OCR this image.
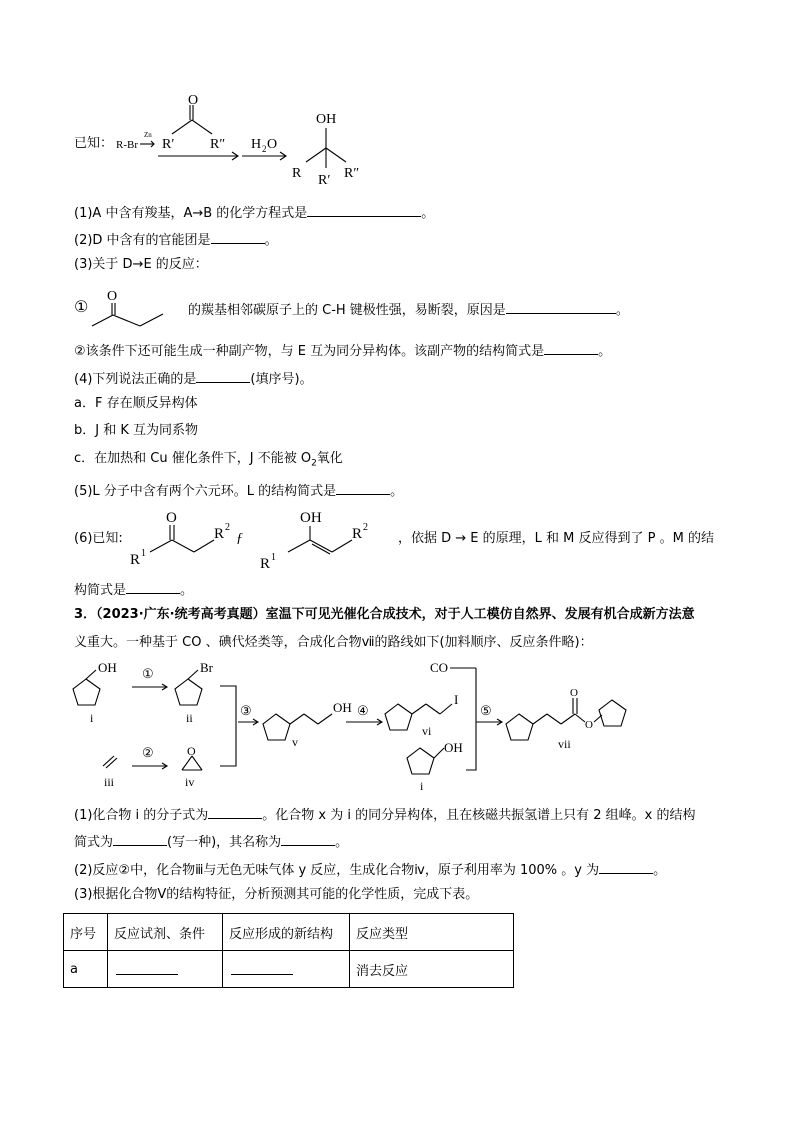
已知： R-Br
Zn
O
R′	R″ H 2 O
OH
R R′ R″
(1)A 中含有羧基，A→B 的化学方程式是	。
(2)D 中含有的官能团是	。
(3)关于 D→E 的反应：
①
O
的羰基相邻碳原子上的 C-H 键极性强，易断裂，原因是	。
②该条件下还可能生成一种副产物，与 E 互为同分异构体。该副产物的结构简式是	。
(4)下列说法正确的是	(填序号)。
a．F 存在顺反异构体
b．J 和 K 互为同系物
c．在加热和 Cu 催化条件下，J 不能被 $O_2$氧化
(5)L 分子中含有两个六元环。L 的结构简式是	。
(6)已知:
O
R 1
R 2
ƒ
OH
R 1
R 2
，依据 D → E 的原理，L 和 M 反应得到了 P 。M 的结
构简式是	。
3．（2023·广东·统考高考真题）室温下可见光催化合成技术，对于人工模仿自然界、发展有机合成新方法意
义重大。一种基于 CO 、碘代烃类等，合成化合物ⅶ的路线如下(加料顺序、反应条件略)：
OH
i
①	Br
ii
iii
②	O
iv
③	OH
v
④
I
vi
CO
OH
i
⑤
O
O
vii
(1)化合物 i 的分子式为	。化合物 x 为 i 的同分异构体，且在核磁共振氢谱上只有 2 组峰。x 的结构
简式为	(写一种)，其名称为	。
(2)反应②中，化合物ⅲ与无色无味气体 y 反应，生成化合物ⅳ，原子利用率为 100% 。y 为	。
(3)根据化合物Ⅴ的结构特征，分析预测其可能的化学性质，完成下表。
序号	反应试剂、条件	反应形成的新结构	反应类型
a			消去反应
